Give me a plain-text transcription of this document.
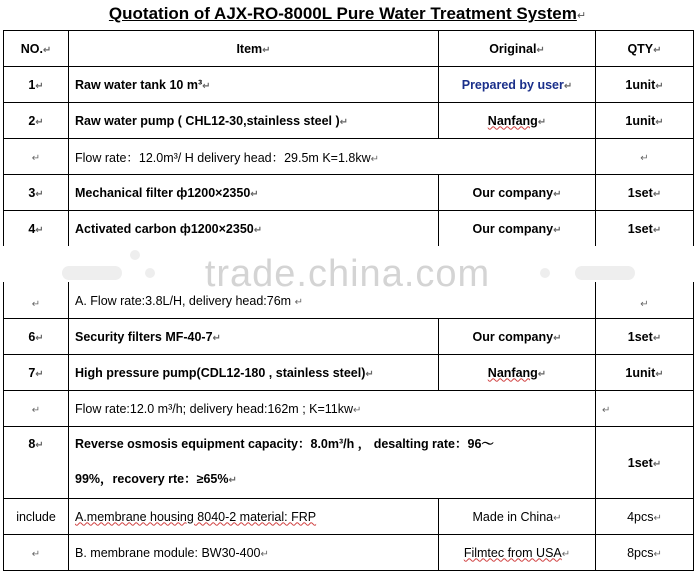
Quotation of AJX-RO-8000L Pure Water Treatment System↵
NO.↵	Item↵	Original↵	QTY↵
1↵	Raw water tank 10 m³↵	Prepared by user↵	1unit↵
2↵	Raw water pump ( CHL12-30,stainless steel )↵	Nanfang↵	1unit↵
↵	Flow rate：12.0m³/ H delivery head：29.5m K=1.8kw↵		↵
3↵	Mechanical filter ф1200×2350↵	Our company↵	1set↵
4↵	Activated carbon ф1200×2350↵	Our company↵	1set↵
↵	A. Flow rate:3.8L/H, delivery head:76m ↵		↵
6↵	Security filters MF-40-7↵	Our company↵	1set↵
7↵	High pressure pump(CDL12-180 , stainless steel)↵	Nanfang↵	1unit↵
↵	Flow rate:12.0 m³/h; delivery head:162m ; K=11kw↵		↵
8↵	Reverse osmosis equipment capacity：8.0m³/h ， desalting rate：96～
99%，recovery rte：≥65%↵		1set↵
include	A.membrane housing 8040-2 material: FRP	Made in China↵	4pcs↵
↵	B. membrane module: BW30-400↵	Filmtec from USA↵	8pcs↵
trade.china.com
